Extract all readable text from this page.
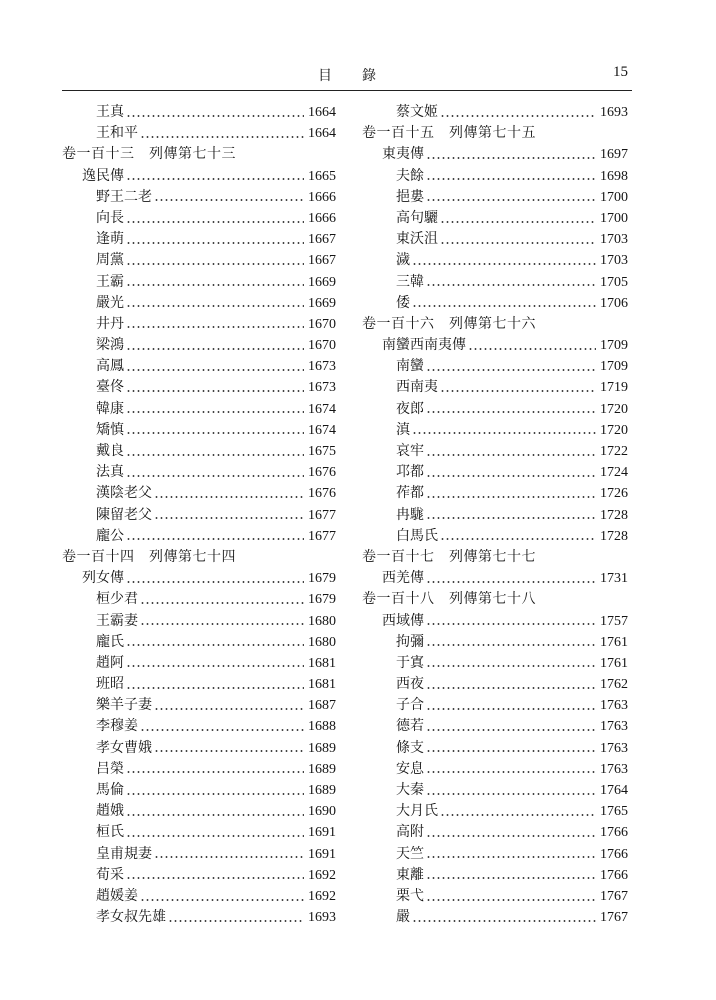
目錄	15
王真	1664
王和平	1664
卷一百十三　列傳第七十三
逸民傳	1665
野王二老	1666
向長	1666
逢萌	1667
周黨	1667
王霸	1669
嚴光	1669
井丹	1670
梁鴻	1670
高鳳	1673
臺佟	1673
韓康	1674
矯慎	1674
戴良	1675
法真	1676
漢陰老父	1676
陳留老父	1677
龐公	1677
卷一百十四　列傳第七十四
列女傳	1679
桓少君	1679
王霸妻	1680
龐氏	1680
趙阿	1681
班昭	1681
樂羊子妻	1687
李穆姜	1688
孝女曹娥	1689
吕榮	1689
馬倫	1689
趙娥	1690
桓氏	1691
皇甫規妻	1691
荀采	1692
趙媛姜	1692
孝女叔先雄	1693
蔡文姬	1693
卷一百十五　列傳第七十五
東夷傳	1697
夫餘	1698
挹婁	1700
高句驪	1700
東沃沮	1703
濊	1703
三韓	1705
倭	1706
卷一百十六　列傳第七十六
南蠻西南夷傳	1709
南蠻	1709
西南夷	1719
夜郎	1720
滇	1720
哀牢	1722
邛都	1724
莋都	1726
冉駹	1728
白馬氏	1728
卷一百十七　列傳第七十七
西羌傳	1731
卷一百十八　列傳第七十八
西域傳	1757
拘彌	1761
于寘	1761
西夜	1762
子合	1763
德若	1763
條支	1763
安息	1763
大秦	1764
大月氏	1765
高附	1766
天竺	1766
東離	1766
栗弋	1767
嚴	1767
